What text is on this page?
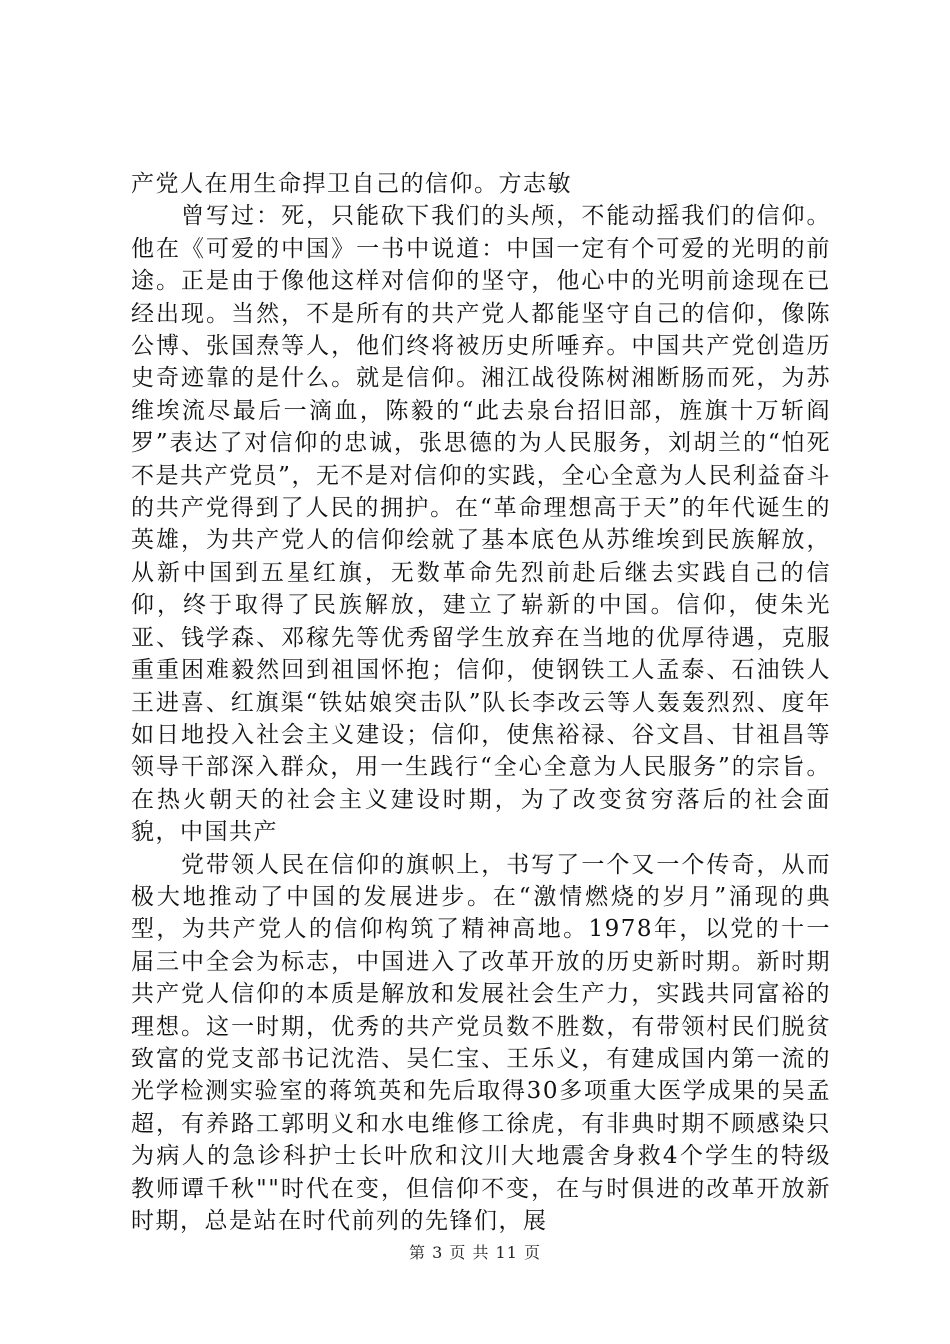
产党人在用生命捍卫自己的信仰。方志敏

曾写过：死，只能砍下我们的头颅，不能动摇我们的信仰。他在《可爱的中国》一书中说道：中国一定有个可爱的光明的前途。正是由于像他这样对信仰的坚守，他心中的光明前途现在已经出现。当然，不是所有的共产党人都能坚守自己的信仰，像陈公博、张国焘等人，他们终将被历史所唾弃。中国共产党创造历史奇迹靠的是什么。就是信仰。湘江战役陈树湘断肠而死，为苏维埃流尽最后一滴血，陈毅的“此去泉台招旧部，旌旗十万斩阎罗”表达了对信仰的忠诚，张思德的为人民服务，刘胡兰的“怕死不是共产党员”，无不是对信仰的实践，全心全意为人民利益奋斗的共产党得到了人民的拥护。在“革命理想高于天”的年代诞生的英雄，为共产党人的信仰绘就了基本底色从苏维埃到民族解放，从新中国到五星红旗，无数革命先烈前赴后继去实践自己的信仰，终于取得了民族解放，建立了崭新的中国。信仰，使朱光亚、钱学森、邓稼先等优秀留学生放弃在当地的优厚待遇，克服重重困难毅然回到祖国怀抱；信仰，使钢铁工人孟泰、石油铁人王进喜、红旗渠“铁姑娘突击队”队长李改云等人轰轰烈烈、度年如日地投入社会主义建设；信仰，使焦裕禄、谷文昌、甘祖昌等领导干部深入群众，用一生践行“全心全意为人民服务”的宗旨。在热火朝天的社会主义建设时期，为了改变贫穷落后的社会面貌，中国共产

党带领人民在信仰的旗帜上，书写了一个又一个传奇，从而极大地推动了中国的发展进步。在“激情燃烧的岁月”涌现的典型，为共产党人的信仰构筑了精神高地。1978年，以党的十一届三中全会为标志，中国进入了改革开放的历史新时期。新时期共产党人信仰的本质是解放和发展社会生产力，实践共同富裕的理想。这一时期，优秀的共产党员数不胜数，有带领村民们脱贫致富的党支部书记沈浩、吴仁宝、王乐义，有建成国内第一流的光学检测实验室的蒋筑英和先后取得30多项重大医学成果的吴孟超，有养路工郭明义和水电维修工徐虎，有非典时期不顾感染只为病人的急诊科护士长叶欣和汶川大地震舍身救4个学生的特级教师谭千秋""时代在变，但信仰不变，在与时俱进的改革开放新时期，总是站在时代前列的先锋们，展

第 3 页 共 11 页
